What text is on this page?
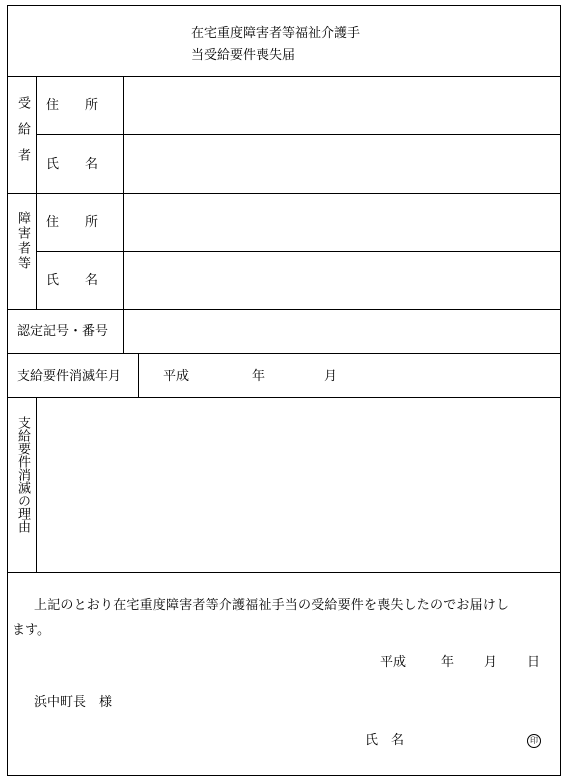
在宅重度障害者等福祉介護手
当受給要件喪失届
受給者 住　　所
氏　　名
障害者等 住　　所
氏　　名
認定記号・番号
支給要件消滅年月	平成	年	月
支給要件消滅の理由
上記のとおり在宅重度障害者等介護福祉手当の受給要件を喪失したのでお届けし
ます。
平成	年 月 日
浜中町長　様
氏　名	印
